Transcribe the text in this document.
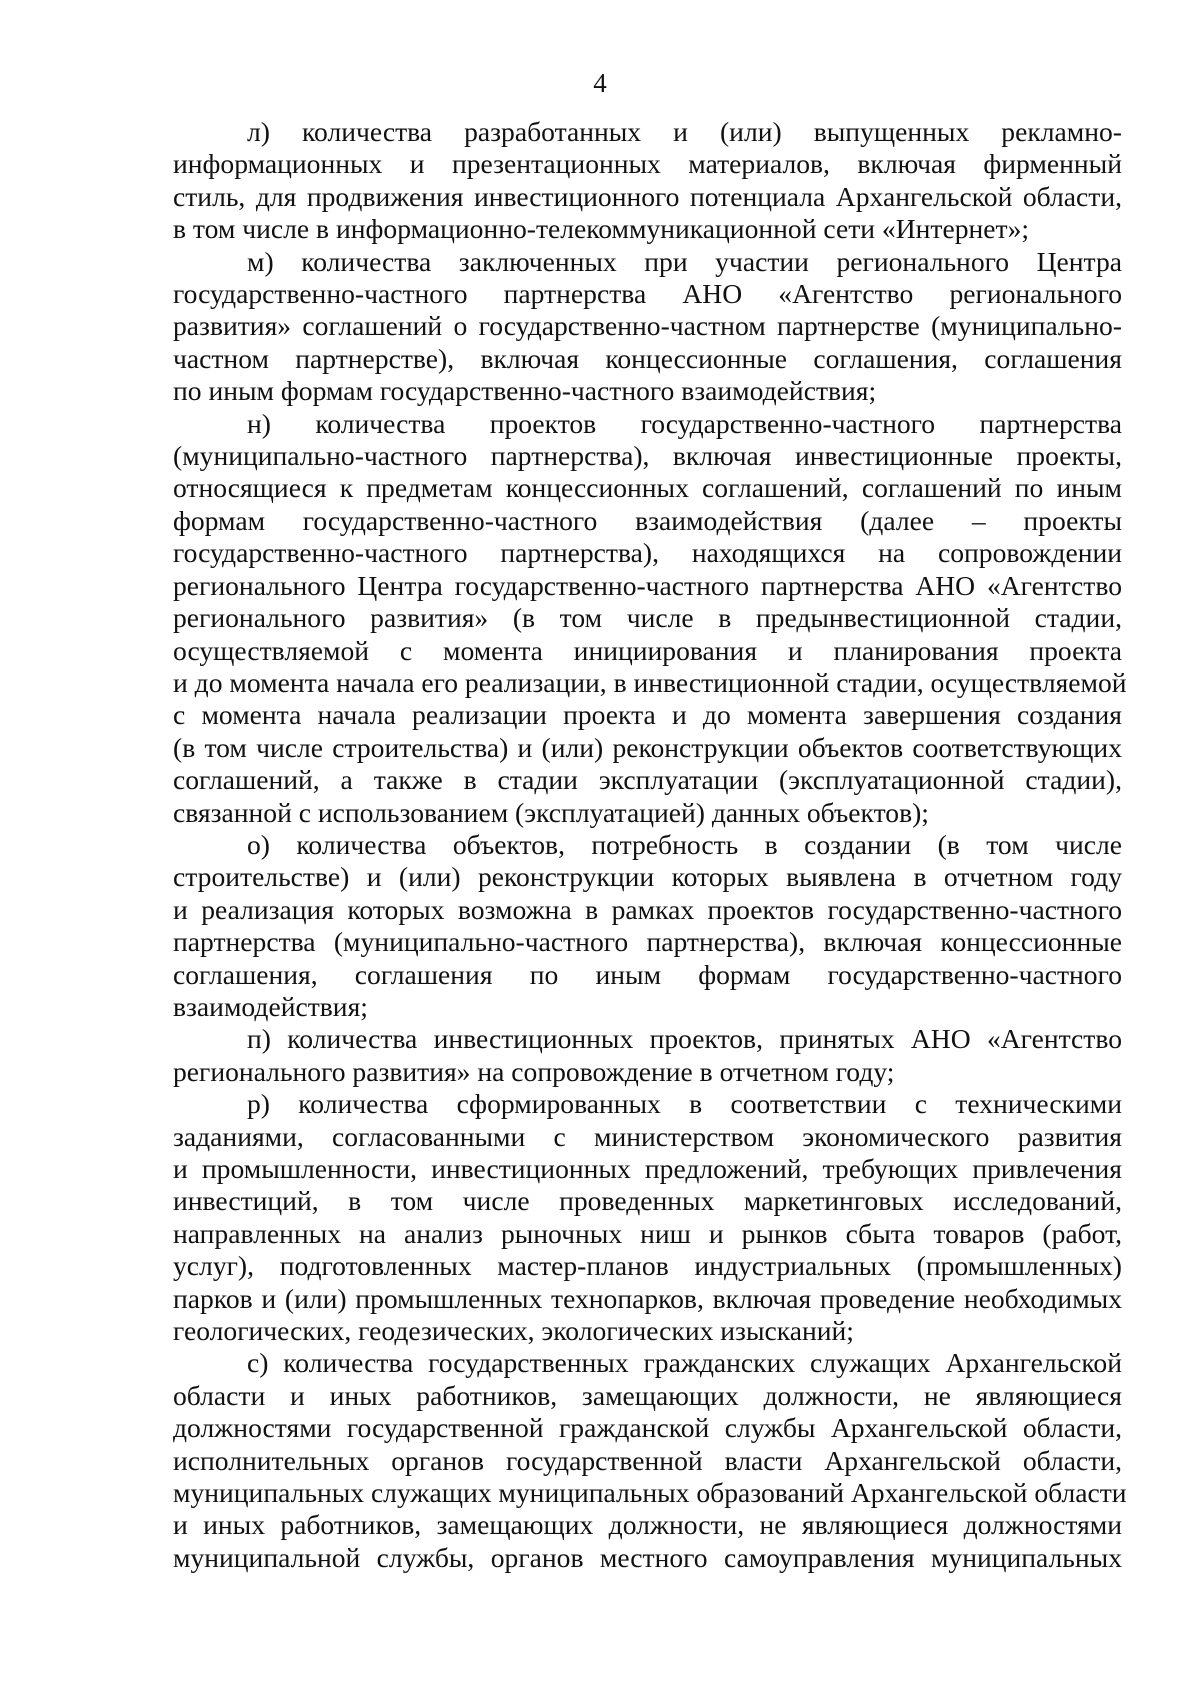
4

л) количества разработанных и (или) выпущенных рекламно-
информационных и презентационных материалов, включая фирменный
стиль, для продвижения инвестиционного потенциала Архангельской области,
в том числе в информационно-телекоммуникационной сети «Интернет»;

м) количества заключенных при участии регионального Центра
государственно-частного партнерства АНО «Агентство регионального
развития» соглашений о государственно-частном партнерстве (муниципально-
частном партнерстве), включая концессионные соглашения, соглашения
по иным формам государственно-частного взаимодействия;

н) количества проектов государственно-частного партнерства
(муниципально-частного партнерства), включая инвестиционные проекты,
относящиеся к предметам концессионных соглашений, соглашений по иным
формам государственно-частного взаимодействия (далее – проекты
государственно-частного партнерства), находящихся на сопровождении
регионального Центра государственно-частного партнерства АНО «Агентство
регионального развития» (в том числе в предынвестиционной стадии,
осуществляемой с момента инициирования и планирования проекта
и до момента начала его реализации, в инвестиционной стадии, осуществляемой
с момента начала реализации проекта и до момента завершения создания
(в том числе строительства) и (или) реконструкции объектов соответствующих
соглашений, а также в стадии эксплуатации (эксплуатационной стадии),
связанной с использованием (эксплуатацией) данных объектов);

о) количества объектов, потребность в создании (в том числе
строительстве) и (или) реконструкции которых выявлена в отчетном году
и реализация которых возможна в рамках проектов государственно-частного
партнерства (муниципально-частного партнерства), включая концессионные
соглашения, соглашения по иным формам государственно-частного
взаимодействия;

п) количества инвестиционных проектов, принятых АНО «Агентство
регионального развития» на сопровождение в отчетном году;

р) количества сформированных в соответствии с техническими
заданиями, согласованными с министерством экономического развития
и промышленности, инвестиционных предложений, требующих привлечения
инвестиций, в том числе проведенных маркетинговых исследований,
направленных на анализ рыночных ниш и рынков сбыта товаров (работ,
услуг), подготовленных мастер-планов индустриальных (промышленных)
парков и (или) промышленных технопарков, включая проведение необходимых
геологических, геодезических, экологических изысканий;

с) количества государственных гражданских служащих Архангельской
области и иных работников, замещающих должности, не являющиеся
должностями государственной гражданской службы Архангельской области,
исполнительных органов государственной власти Архангельской области,
муниципальных служащих муниципальных образований Архангельской области
и иных работников, замещающих должности, не являющиеся должностями
муниципальной службы, органов местного самоуправления муниципальных
